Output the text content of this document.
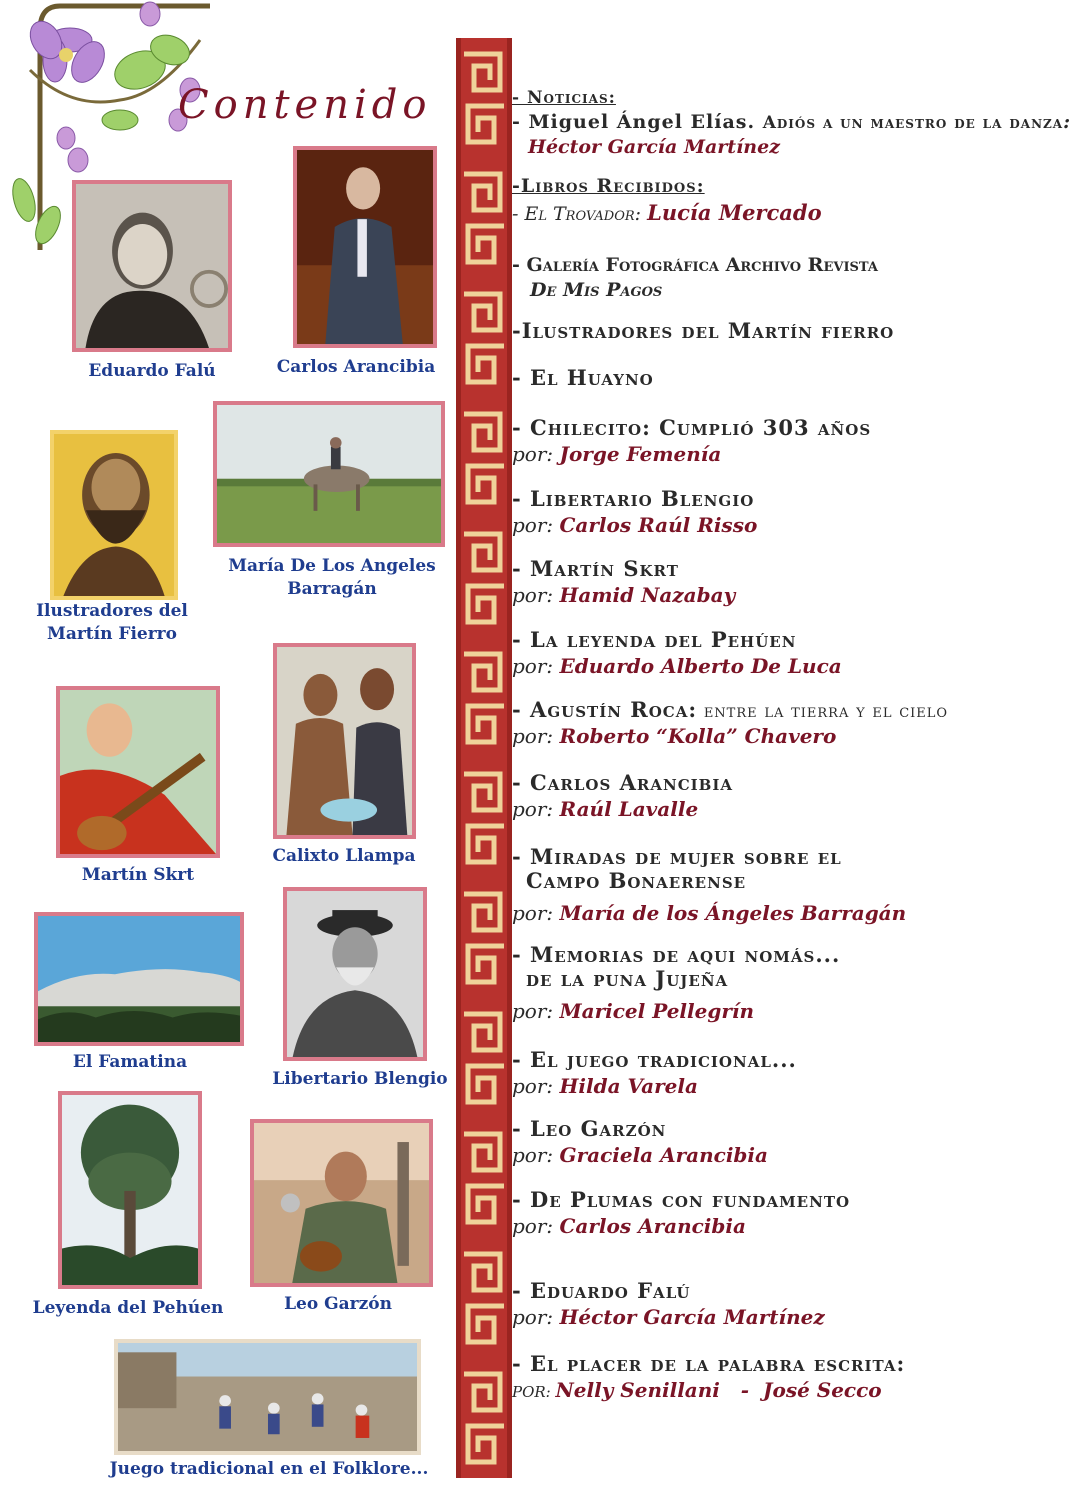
Contenido
Eduardo Falú	Carlos Arancibia
Ilustradores del Martín Fierro
María De Los Angeles Barragán
Martín Skrt
Calixto Llampa
El Famatina
Libertario Blengio
Leyenda del Pehúen	Leo Garzón
Juego tradicional en el Folklore...
- Noticias:
- Miguel Ángel Elías. Adiós a un maestro de la danza:
Héctor García Martínez
-Libros Recibidos:
- El Trovador: Lucía Mercado
- Galería Fotográfica Archivo Revista
De Mis Pagos
-Ilustradores del Martín fierro
- El Huayno
- Chilecito: Cumplió 303 años
por: Jorge Femenía
- Libertario Blengio
por: Carlos Raúl Risso
- Martín Skrt
por: Hamid Nazabay
- La leyenda del Pehúen
por: Eduardo Alberto De Luca
- Agustín Roca: entre la tierra y el cielo
por: Roberto “Kolla” Chavero
- Carlos Arancibia
por: Raúl Lavalle
- Miradas de mujer sobre el
Campo Bonaerense
por: María de los Ángeles Barragán
- Memorias de aqui nomás...
de la puna Jujeña
por: Maricel Pellegrín
- El juego tradicional...
por: Hilda Varela
- Leo Garzón
por: Graciela Arancibia
- De Plumas con fundamento
por: Carlos Arancibia
- Eduardo Falú
por: Héctor García Martínez
- El placer de la palabra escrita:
POR: Nelly Senillani   -  José Secco
